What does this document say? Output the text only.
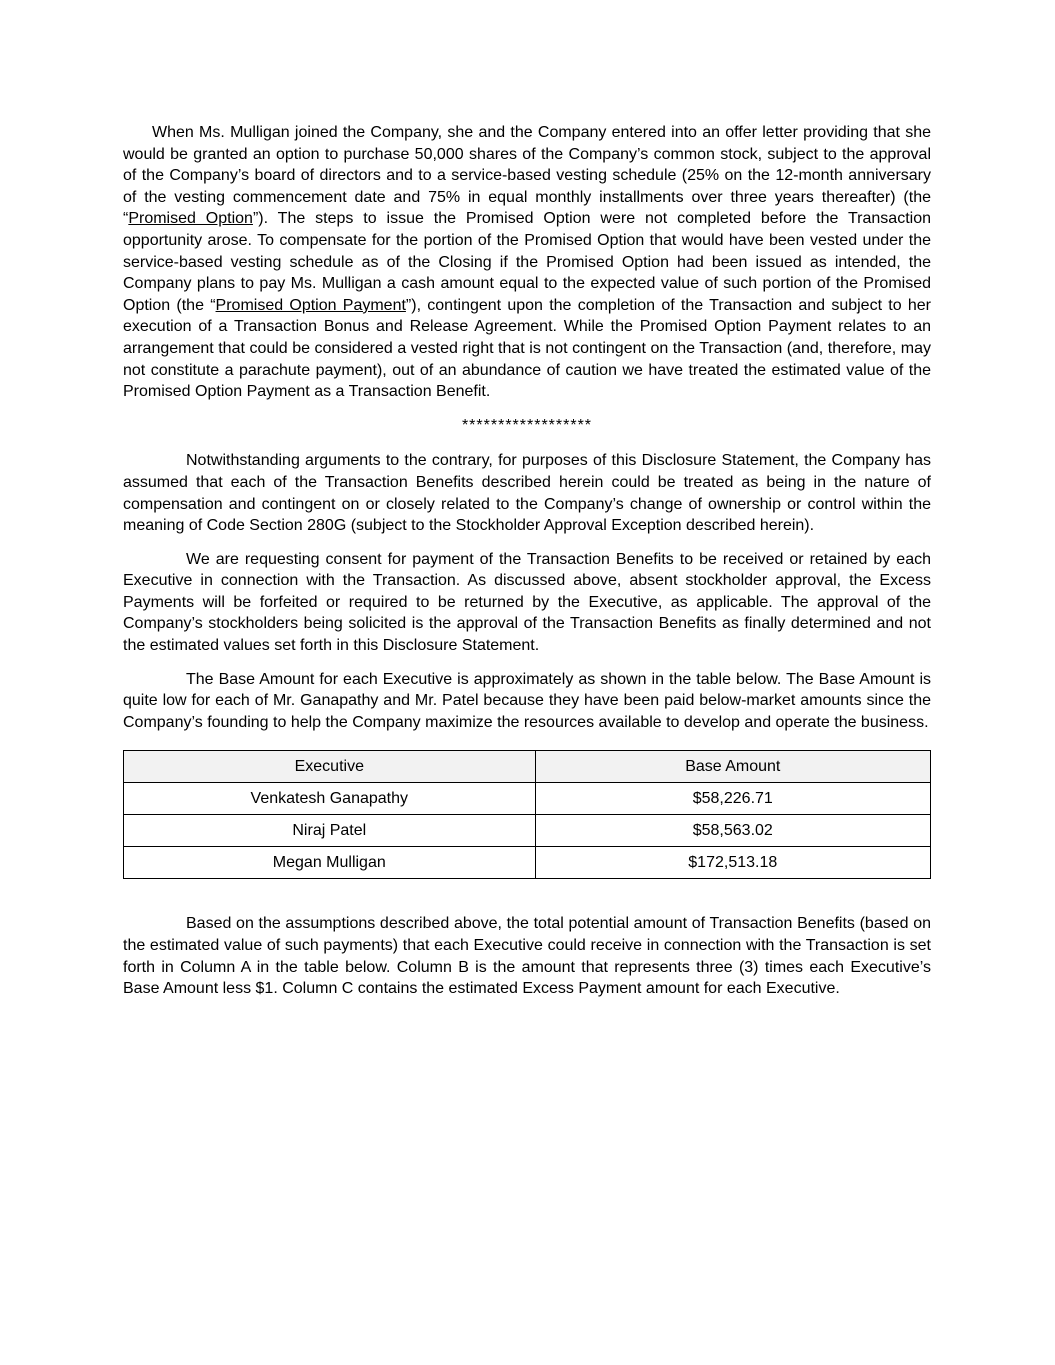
When Ms. Mulligan joined the Company, she and the Company entered into an offer letter providing that she would be granted an option to purchase 50,000 shares of the Company’s common stock, subject to the approval of the Company’s board of directors and to a service-based vesting schedule (25% on the 12-month anniversary of the vesting commencement date and 75% in equal monthly installments over three years thereafter) (the “Promised Option”). The steps to issue the Promised Option were not completed before the Transaction opportunity arose. To compensate for the portion of the Promised Option that would have been vested under the service-based vesting schedule as of the Closing if the Promised Option had been issued as intended, the Company plans to pay Ms. Mulligan a cash amount equal to the expected value of such portion of the Promised Option (the “Promised Option Payment”), contingent upon the completion of the Transaction and subject to her execution of a Transaction Bonus and Release Agreement. While the Promised Option Payment relates to an arrangement that could be considered a vested right that is not contingent on the Transaction (and, therefore, may not constitute a parachute payment), out of an abundance of caution we have treated the estimated value of the Promised Option Payment as a Transaction Benefit.

******************

Notwithstanding arguments to the contrary, for purposes of this Disclosure Statement, the Company has assumed that each of the Transaction Benefits described herein could be treated as being in the nature of compensation and contingent on or closely related to the Company’s change of ownership or control within the meaning of Code Section 280G (subject to the Stockholder Approval Exception described herein).

We are requesting consent for payment of the Transaction Benefits to be received or retained by each Executive in connection with the Transaction. As discussed above, absent stockholder approval, the Excess Payments will be forfeited or required to be returned by the Executive, as applicable. The approval of the Company’s stockholders being solicited is the approval of the Transaction Benefits as finally determined and not the estimated values set forth in this Disclosure Statement.

The Base Amount for each Executive is approximately as shown in the table below. The Base Amount is quite low for each of Mr. Ganapathy and Mr. Patel because they have been paid below-market amounts since the Company’s founding to help the Company maximize the resources available to develop and operate the business.

Executive	Base Amount
Venkatesh Ganapathy	$58,226.71
Niraj Patel	$58,563.02
Megan Mulligan	$172,513.18

Based on the assumptions described above, the total potential amount of Transaction Benefits (based on the estimated value of such payments) that each Executive could receive in connection with the Transaction is set forth in Column A in the table below. Column B is the amount that represents three (3) times each Executive’s Base Amount less $1. Column C contains the estimated Excess Payment amount for each Executive.
